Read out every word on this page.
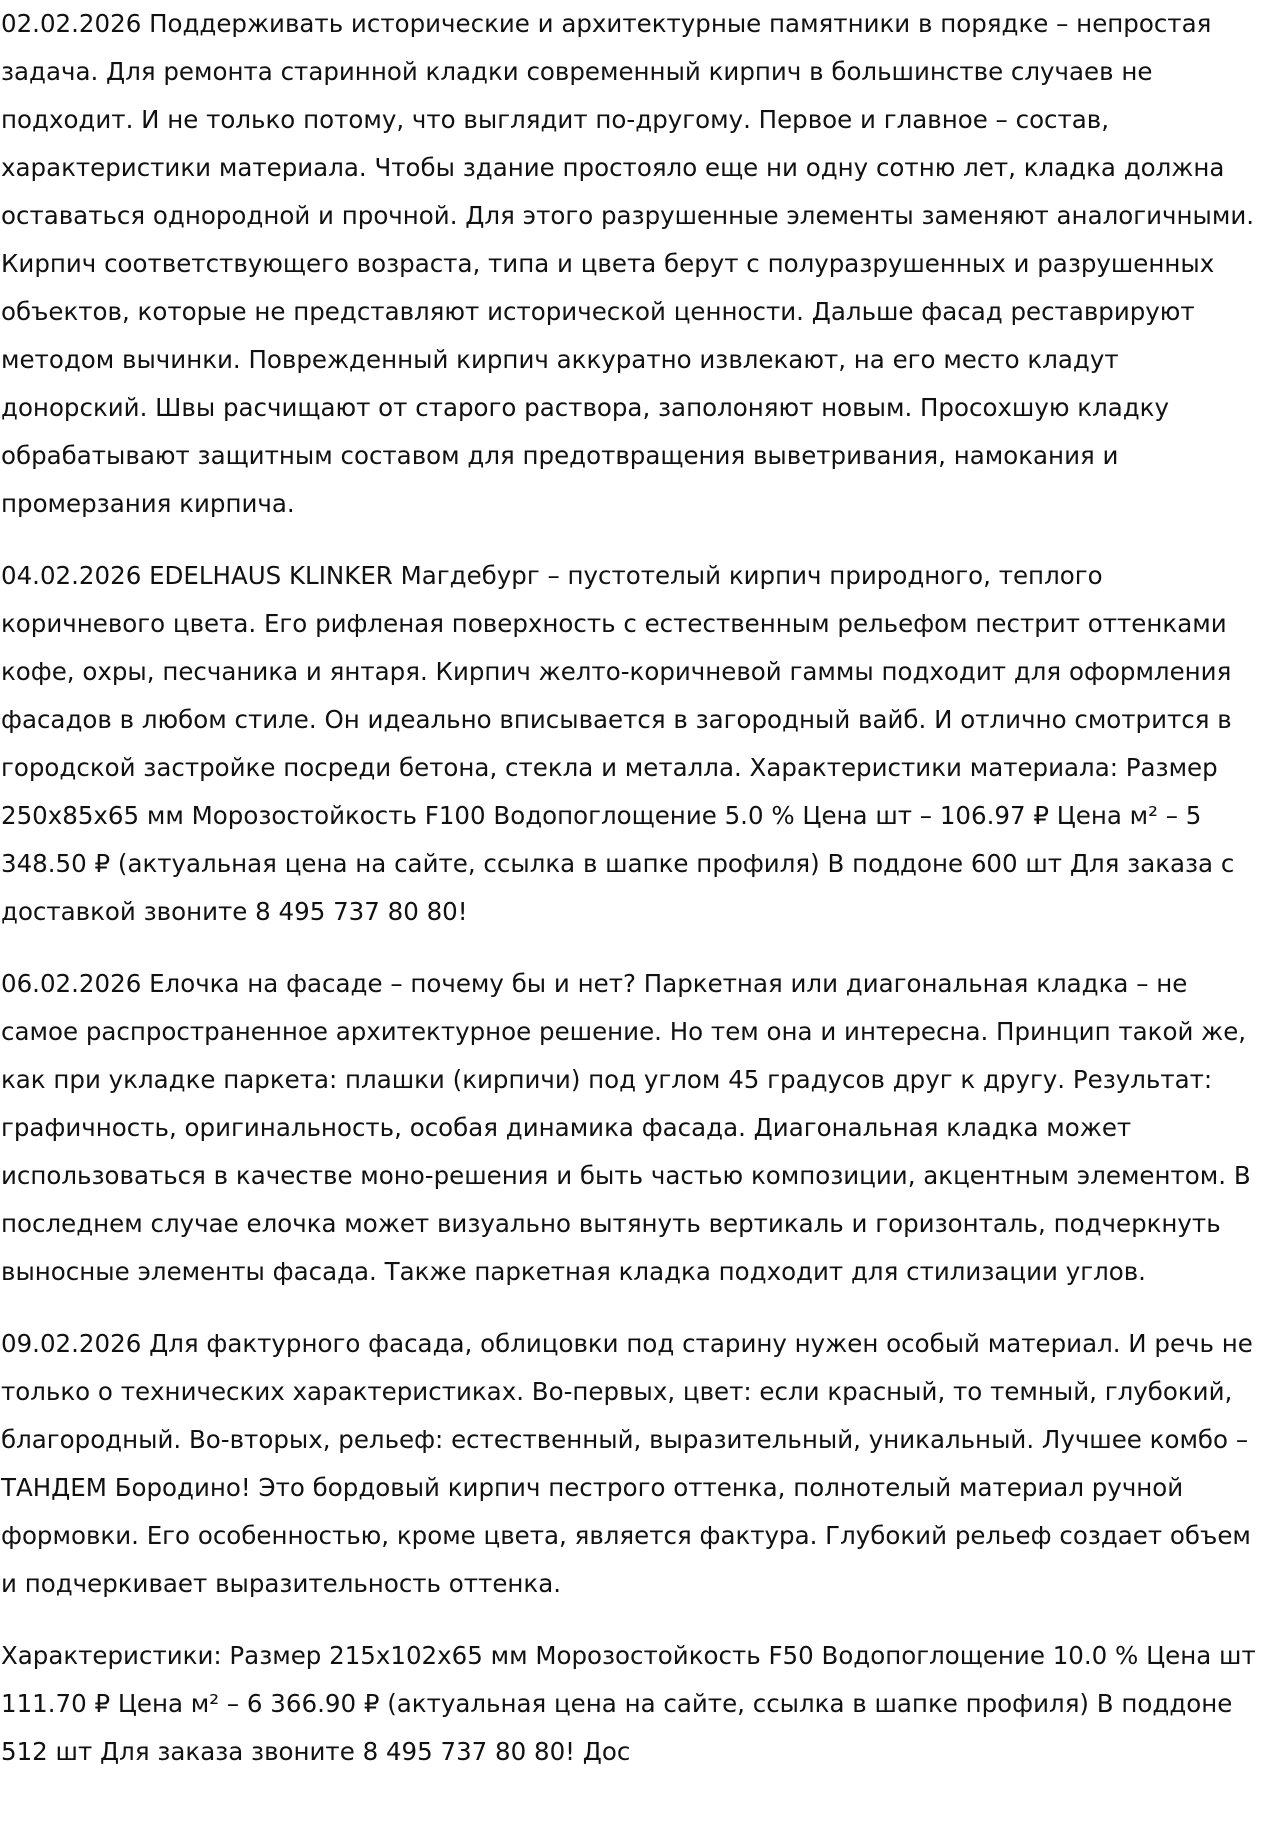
02.02.2026 Поддерживать исторические и архитектурные памятники в порядке – непростая задача. Для ремонта старинной кладки современный кирпич в большинстве случаев не подходит. И не только потому, что выглядит по-другому. Первое и главное – состав, характеристики материала. Чтобы здание простояло еще ни одну сотню лет, кладка должна оставаться однородной и прочной. Для этого разрушенные элементы заменяют аналогичными. Кирпич соответствующего возраста, типа и цвета берут с полуразрушенных и разрушенных объектов, которые не представляют исторической ценности. Дальше фасад реставрируют методом вычинки. Поврежденный кирпич аккуратно извлекают, на его место кладут донорский. Швы расчищают от старого раствора, заполоняют новым. Просохшую кладку обрабатывают защитным составом для предотвращения выветривания, намокания и промерзания кирпича.

04.02.2026 EDELHAUS KLINKER Магдебург – пустотелый кирпич природного, теплого коричневого цвета. Его рифленая поверхность с естественным рельефом пестрит оттенками кофе, охры, песчаника и янтаря. Кирпич желто-коричневой гаммы подходит для оформления фасадов в любом стиле. Он идеально вписывается в загородный вайб. И отлично смотрится в городской застройке посреди бетона, стекла и металла. Характеристики материала: Размер 250x85x65 мм Морозостойкость F100 Водопоглощение 5.0 % Цена шт – 106.97 ₽ Цена м² – 5 348.50 ₽ (актуальная цена на сайте, ссылка в шапке профиля) В поддоне 600 шт Для заказа с доставкой звоните 8 495 737 80 80!

06.02.2026 Елочка на фасаде – почему бы и нет? Паркетная или диагональная кладка – не самое распространенное архитектурное решение. Но тем она и интересна. Принцип такой же, как при укладке паркета: плашки (кирпичи) под углом 45 градусов друг к другу. Результат: графичность, оригинальность, особая динамика фасада. Диагональная кладка может использоваться в качестве моно-решения и быть частью композиции, акцентным элементом. В последнем случае елочка может визуально вытянуть вертикаль и горизонталь, подчеркнуть выносные элементы фасада. Также паркетная кладка подходит для стилизации углов.

09.02.2026 Для фактурного фасада, облицовки под старину нужен особый материал. И речь не только о технических характеристиках. Во-первых, цвет: если красный, то темный, глубокий, благородный. Во-вторых, рельеф: естественный, выразительный, уникальный. Лучшее комбо – ТАНДЕМ Бородино! Это бордовый кирпич пестрого оттенка, полнотелый материал ручной формовки. Его особенностью, кроме цвета, является фактура. Глубокий рельеф создает объем и подчеркивает выразительность оттенка.

Характеристики: Размер 215x102x65 мм Морозостойкость F50 Водопоглощение 10.0 % Цена шт 111.70 ₽ Цена м² – 6 366.90 ₽ (актуальная цена на сайте, ссылка в шапке профиля) В поддоне 512 шт Для заказа звоните 8 495 737 80 80! Дос
